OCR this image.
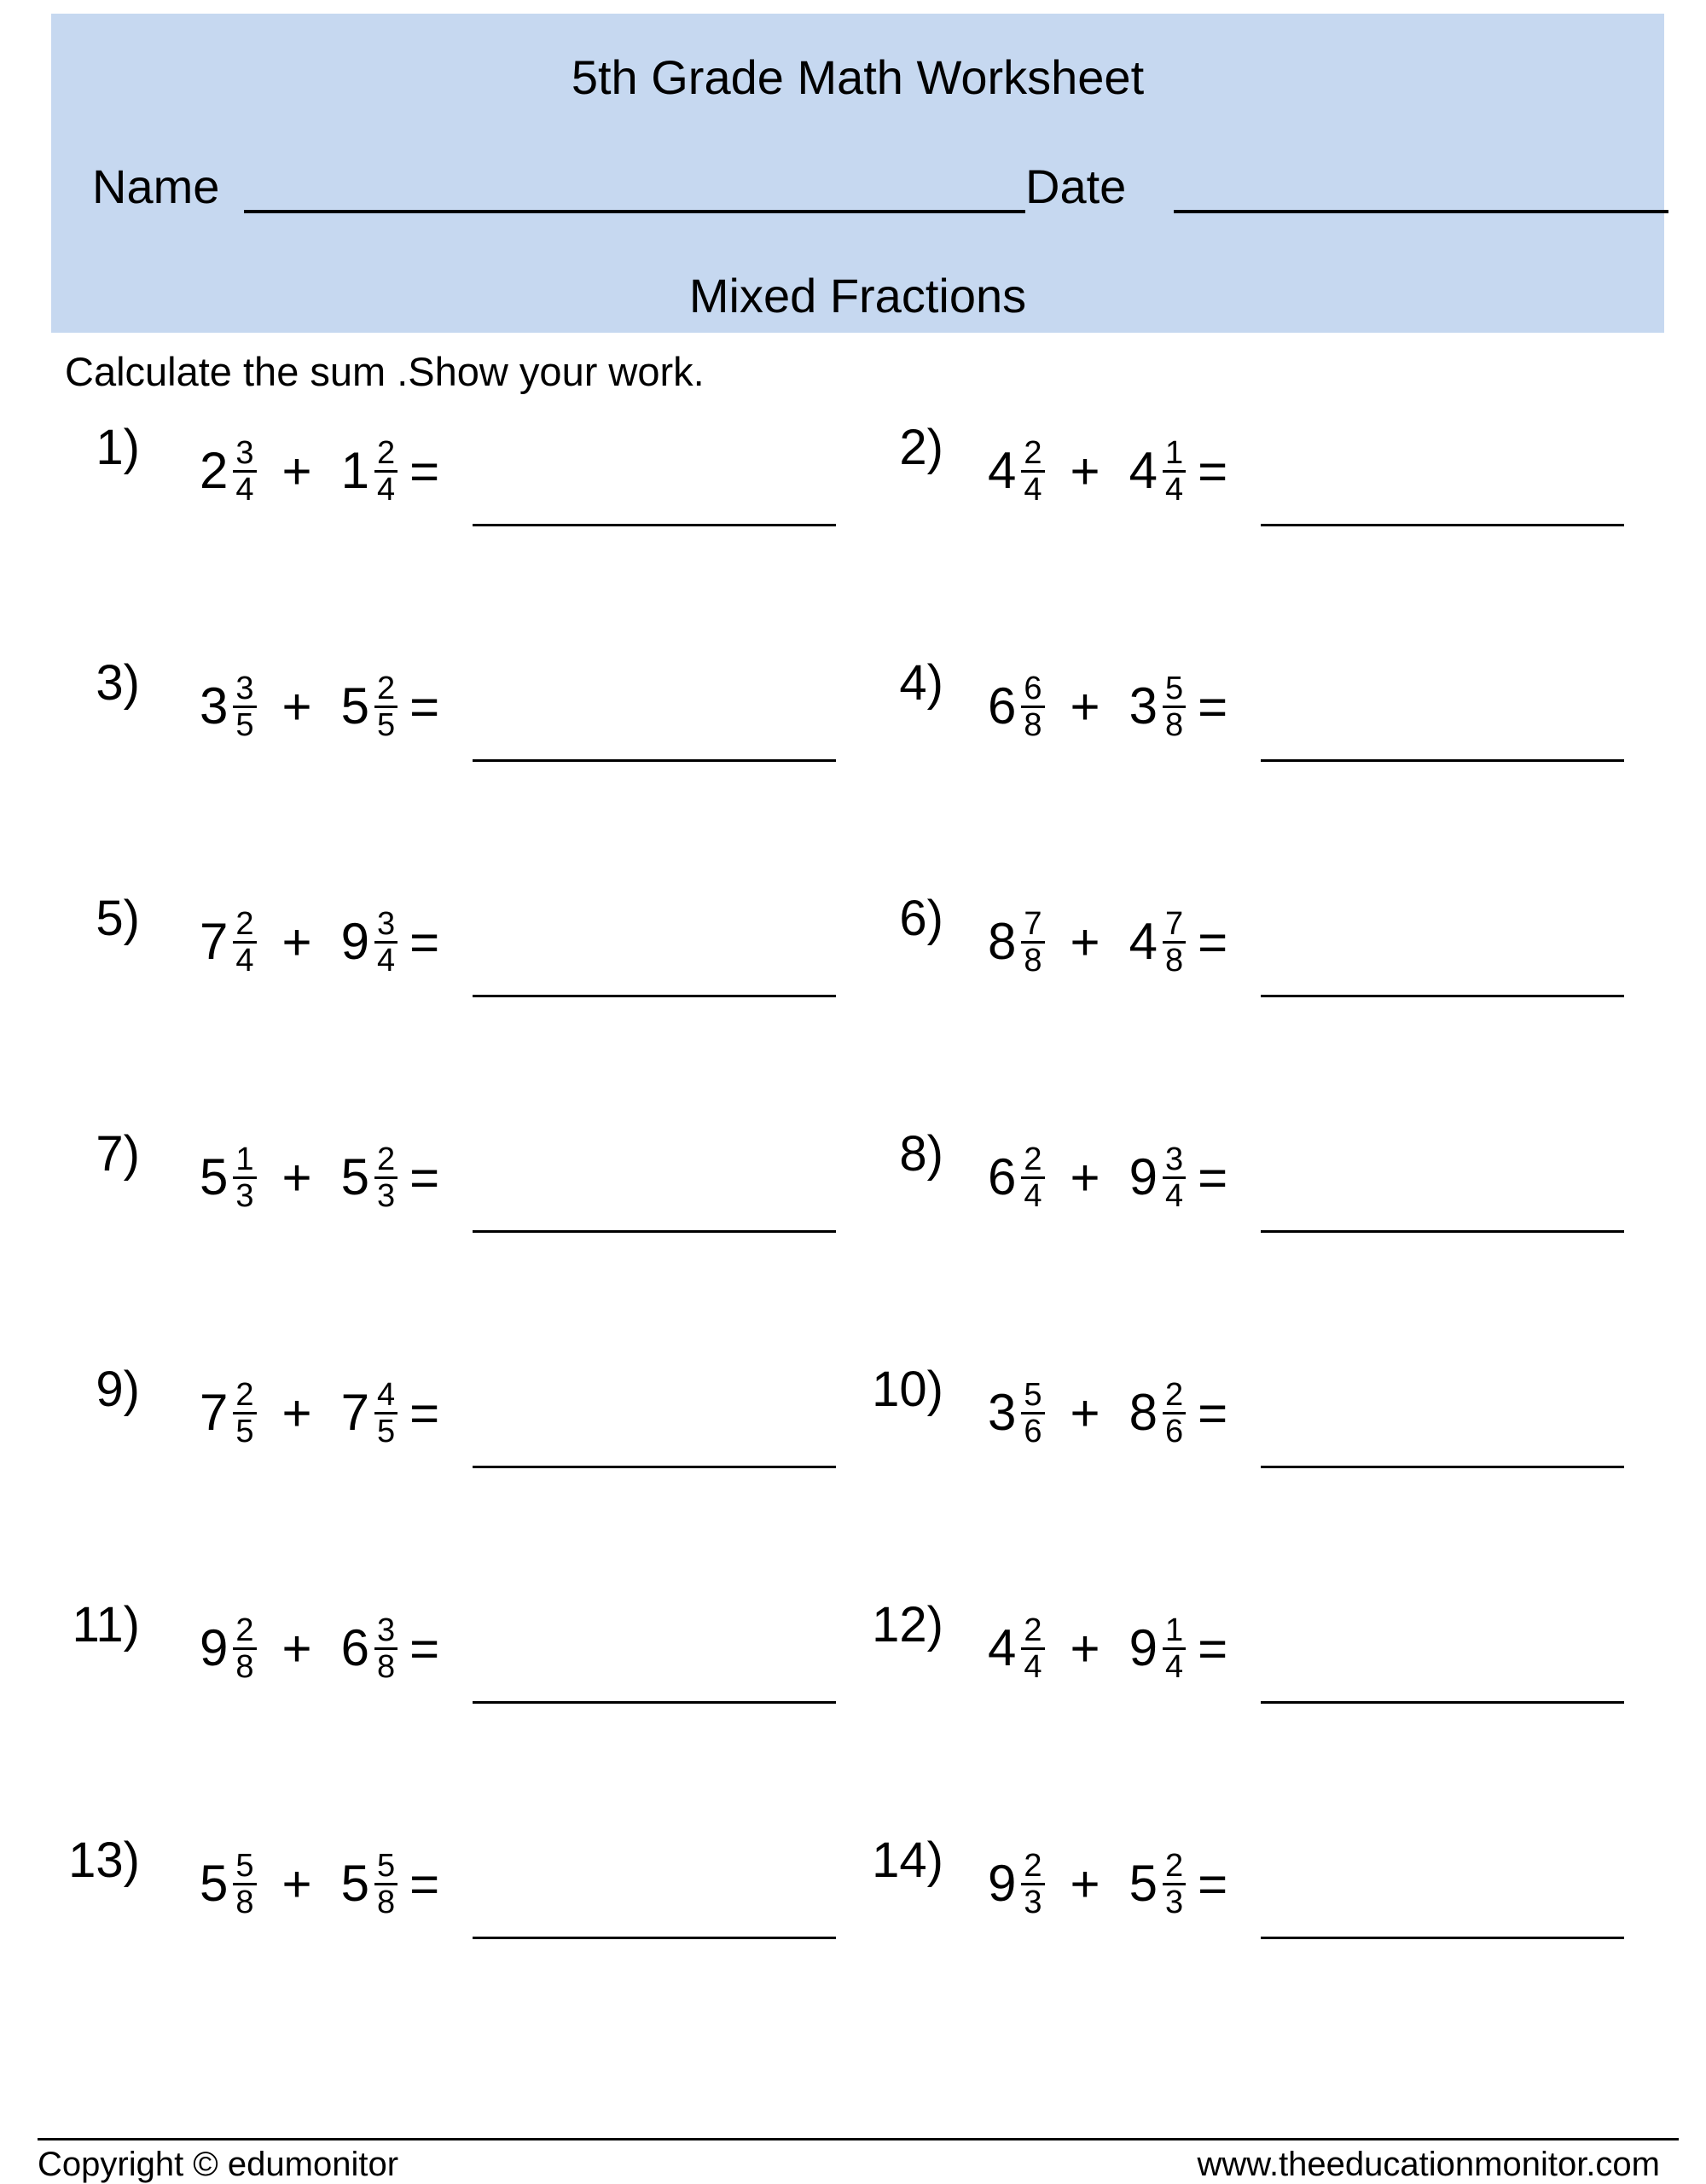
5th Grade Math Worksheet
Name	Date
Mixed Fractions
Calculate the sum .Show your work.
1) $2 \frac{3}{4} + 1 \frac{2}{4}$ =	2) $4 \frac{2}{4} + 4 \frac{1}{4}$ =
3) $3 \frac{3}{5} + 5 \frac{2}{5}$ =	4) $6 \frac{6}{8} + 3 \frac{5}{8}$ =
5) $7 \frac{2}{4} + 9 \frac{3}{4}$ =	6) $8 \frac{7}{8} + 4 \frac{7}{8}$ =
7) $5 \frac{1}{3} + 5 \frac{2}{3}$ =	8) $6 \frac{2}{4} + 9 \frac{3}{4}$ =
9) $7 \frac{2}{5} + 7 \frac{4}{5}$ =	10) $3 \frac{5}{6} + 8 \frac{2}{6}$ =
11) $9 \frac{2}{8} + 6 \frac{3}{8}$ =	12) $4 \frac{2}{4} + 9 \frac{1}{4}$ =
13) $5 \frac{5}{8} + 5 \frac{5}{8}$ =	14) $9 \frac{2}{3} + 5 \frac{2}{3}$ =
Copyright © edumonitor	www.theeducationmonitor.com
